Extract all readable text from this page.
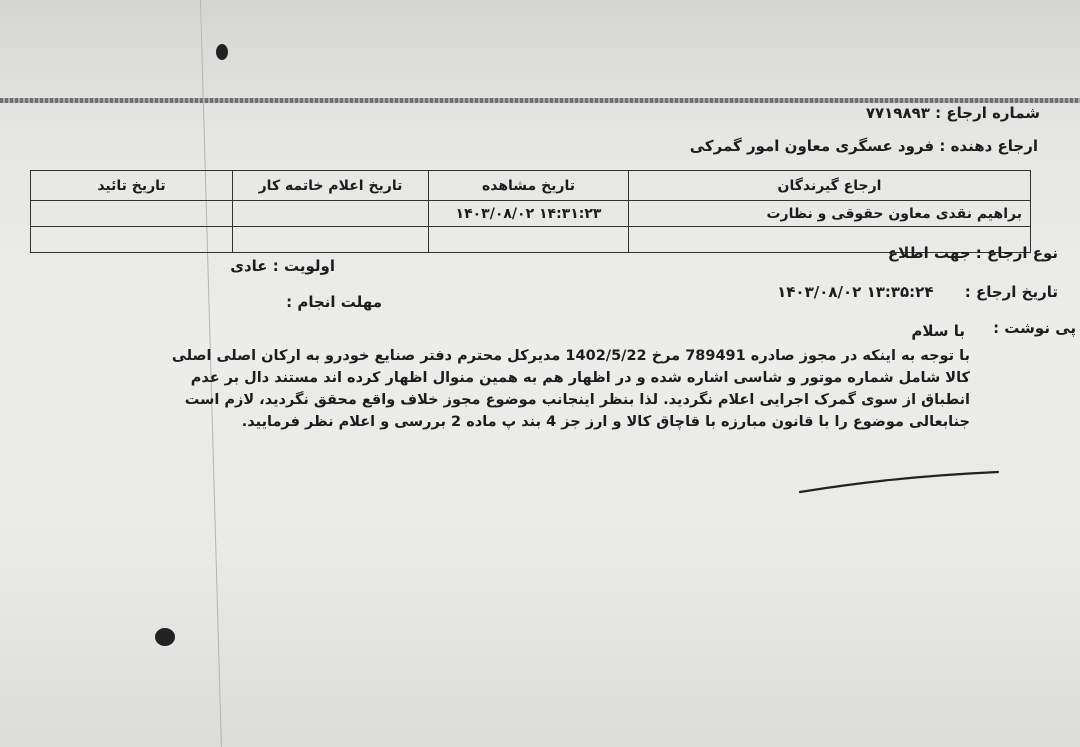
شماره ارجاع : ۷۷۱۹۸۹۳
ارجاع دهنده : فرود عسگری معاون امور گمرکی
ارجاع گیرندگان	تاریخ مشاهده	تاریخ اعلام خاتمه کار	تاریخ تائید
براهیم نقدی معاون حقوقی و نظارت	۱۴:۳۱:۲۳ ۱۴۰۳/۰۸/۰۲		

نوع ارجاع : جهت اطلاع
اولویت : عادی
تاریخ ارجاع : ۱۳:۳۵:۲۴ ۱۴۰۳/۰۸/۰۲
مهلت انجام :
پی نوشت :
با سلام

با توجه به اینکه در مجوز صادره 789491 مرخ 1402/5/22 مدیرکل محترم دفتر صنایع خودرو به ارکان اصلی اصلی

کالا شامل شماره موتور و شاسی اشاره شده و در اظهار هم به همین منوال اظهار کرده اند مستند دال بر عدم

انطباق از سوی گمرک اجرایی اعلام نگردید. لذا بنظر اینجانب موضوع مجوز خلاف واقع محقق نگردید، لازم است

جنابعالی موضوع را با قانون مبارزه با قاچاق کالا و ارز جز 4 بند پ ماده 2 بررسی و اعلام نظر فرمایید.
